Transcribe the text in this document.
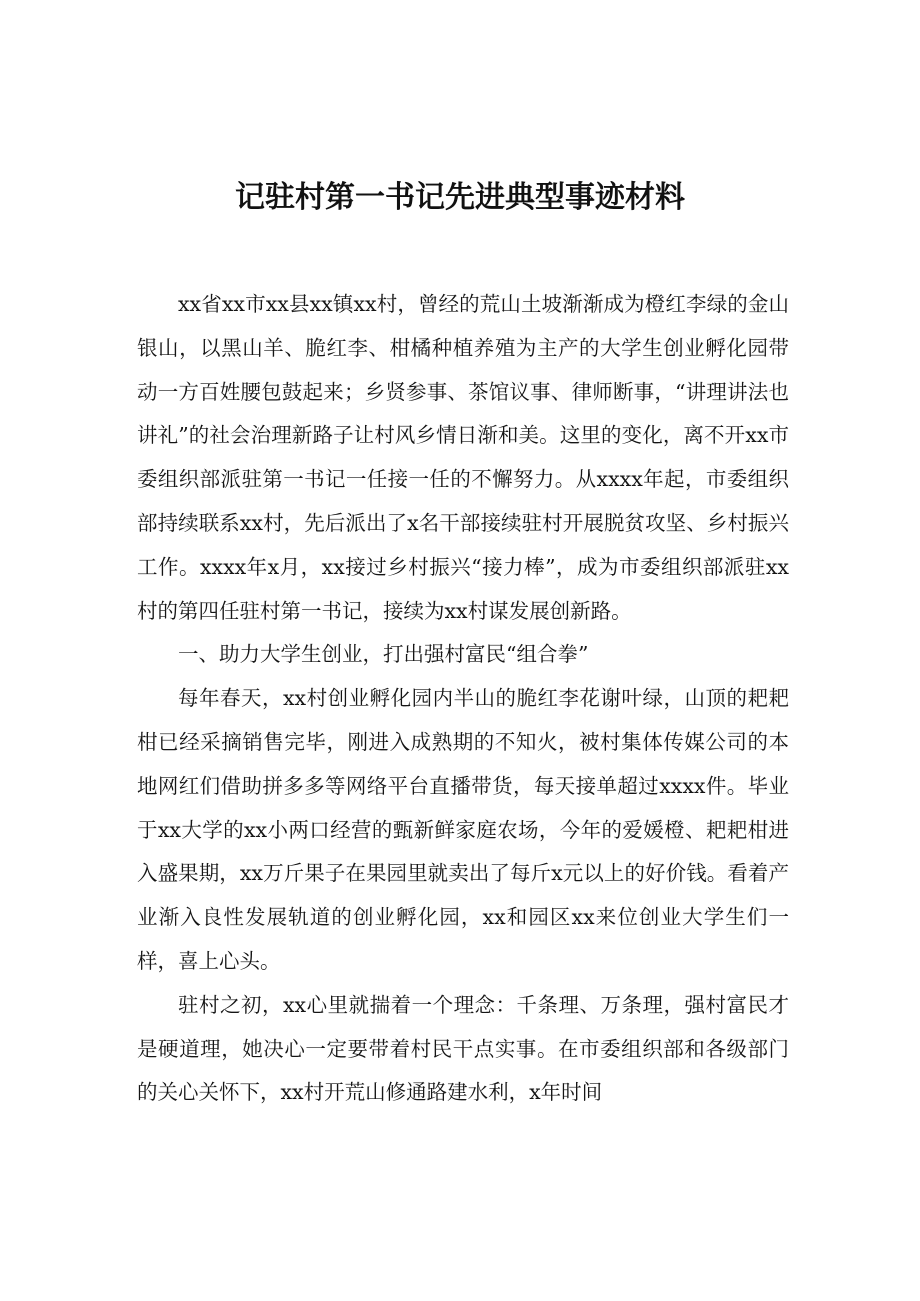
记驻村第一书记先进典型事迹材料

xx省xx市xx县xx镇xx村，曾经的荒山土坡渐渐成为橙红李绿的金山银山，以黑山羊、脆红李、柑橘种植养殖为主产的大学生创业孵化园带动一方百姓腰包鼓起来；乡贤参事、茶馆议事、律师断事，“讲理讲法也讲礼”的社会治理新路子让村风乡情日渐和美。这里的变化，离不开xx市委组织部派驻第一书记一任接一任的不懈努力。从xxxx年起，市委组织部持续联系xx村，先后派出了x名干部接续驻村开展脱贫攻坚、乡村振兴工作。xxxx年x月，xx接过乡村振兴“接力棒”，成为市委组织部派驻xx村的第四任驻村第一书记，接续为xx村谋发展创新路。

一、助力大学生创业，打出强村富民“组合拳”

每年春天，xx村创业孵化园内半山的脆红李花谢叶绿，山顶的耙耙柑已经采摘销售完毕，刚进入成熟期的不知火，被村集体传媒公司的本地网红们借助拼多多等网络平台直播带货，每天接单超过xxxx件。毕业于xx大学的xx小两口经营的甄新鲜家庭农场，今年的爱媛橙、耙耙柑进入盛果期，xx万斤果子在果园里就卖出了每斤x元以上的好价钱。看着产业渐入良性发展轨道的创业孵化园，xx和园区xx来位创业大学生们一样，喜上心头。

驻村之初，xx心里就揣着一个理念：千条理、万条理，强村富民才是硬道理，她决心一定要带着村民干点实事。在市委组织部和各级部门的关心关怀下，xx村开荒山修通路建水利，x年时间
